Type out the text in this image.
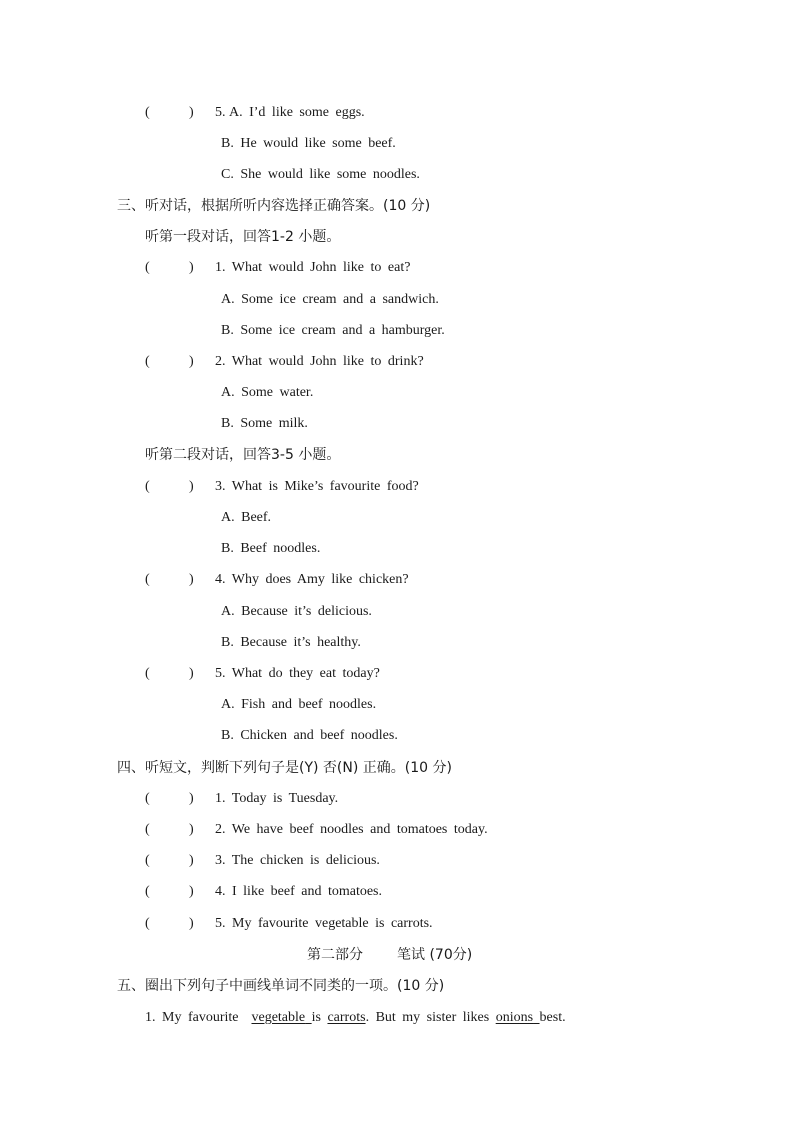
(	) 5. A. I’d like some eggs.
B. He would like some beef.
C. She would like some noodles.
三、听对话，根据所听内容选择正确答案。(10 分)
听第一段对话，回答1-2 小题。
(	) 1. What would John like to eat?
A. Some ice cream and a sandwich.
B. Some ice cream and a hamburger.
(	) 2. What would John like to drink?
A. Some water.
B. Some milk.
听第二段对话，回答3-5 小题。
(	) 3. What is Mike’s favourite food?
A. Beef.
B. Beef noodles.
(	) 4. Why does Amy like chicken?
A. Because it’s delicious.
B. Because it’s healthy.
(	) 5. What do they eat today?
A. Fish and beef noodles.
B. Chicken and beef noodles.
四、听短文，判断下列句子是(Y) 否(N) 正确。(10 分)
(	) 1. Today is Tuesday.
(	) 2. We have beef noodles and tomatoes today.
(	) 3. The chicken is delicious.
(	) 4. I like beef and tomatoes.
(	) 5. My favourite vegetable is carrots.
第二部分 笔试 (70分)
五、圈出下列句子中画线单词不同类的一项。(10 分)
1. My favourite vegetable is carrots. But my sister likes onions best.
